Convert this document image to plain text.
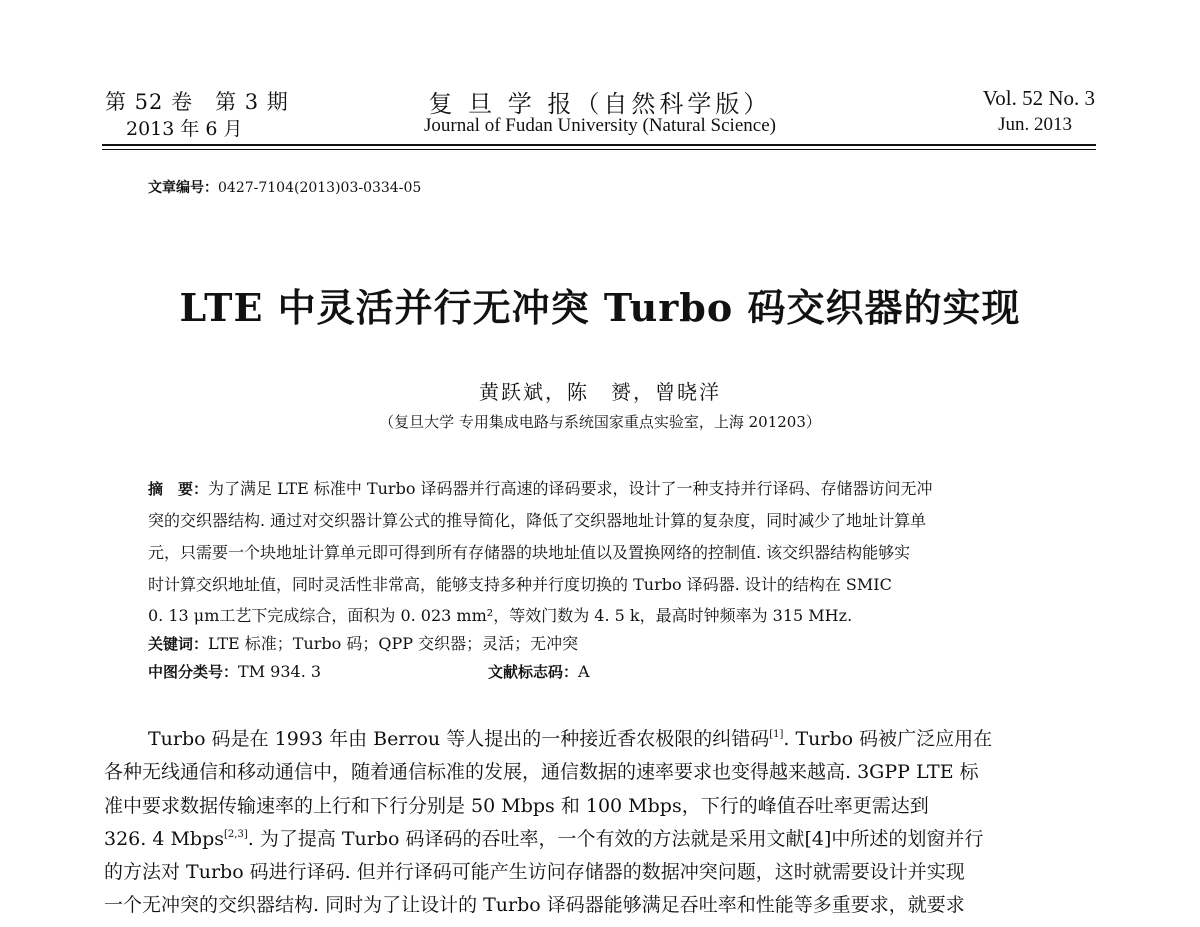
第 52 卷　第 3 期
2013 年 6 月
复 旦 学 报（自然科学版）
Journal of Fudan University (Natural Science)
Vol. 52 No. 3
Jun. 2013
文章编号：0427-7104(2013)03-0334-05
LTE 中灵活并行无冲突 Turbo 码交织器的实现
黄跃斌，陈　赟，曾晓洋
（复旦大学 专用集成电路与系统国家重点实验室，上海 201203）
摘　要：为了满足 LTE 标准中 Turbo 译码器并行高速的译码要求，设计了一种支持并行译码、存储器访问无冲
突的交织器结构. 通过对交织器计算公式的推导简化，降低了交织器地址计算的复杂度，同时减少了地址计算单
元，只需要一个块地址计算单元即可得到所有存储器的块地址值以及置换网络的控制值. 该交织器结构能够实
时计算交织地址值，同时灵活性非常高，能够支持多种并行度切换的 Turbo 译码器. 设计的结构在 SMIC
0. 13 μm工艺下完成综合，面积为 0. 023 mm²，等效门数为 4. 5 k，最高时钟频率为 315 MHz.
关键词：LTE 标准；Turbo 码；QPP 交织器；灵活；无冲突
中图分类号：TM 934. 3	文献标志码：A
Turbo 码是在 1993 年由 Berrou 等人提出的一种接近香农极限的纠错码[1]. Turbo 码被广泛应用在
各种无线通信和移动通信中，随着通信标准的发展，通信数据的速率要求也变得越来越高. 3GPP LTE 标
准中要求数据传输速率的上行和下行分别是 50 Mbps 和 100 Mbps，下行的峰值吞吐率更需达到
326. 4 Mbps[2,3]. 为了提高 Turbo 码译码的吞吐率，一个有效的方法就是采用文献[4]中所述的划窗并行
的方法对 Turbo 码进行译码. 但并行译码可能产生访问存储器的数据冲突问题，这时就需要设计并实现
一个无冲突的交织器结构. 同时为了让设计的 Turbo 译码器能够满足吞吐率和性能等多重要求，就要求
